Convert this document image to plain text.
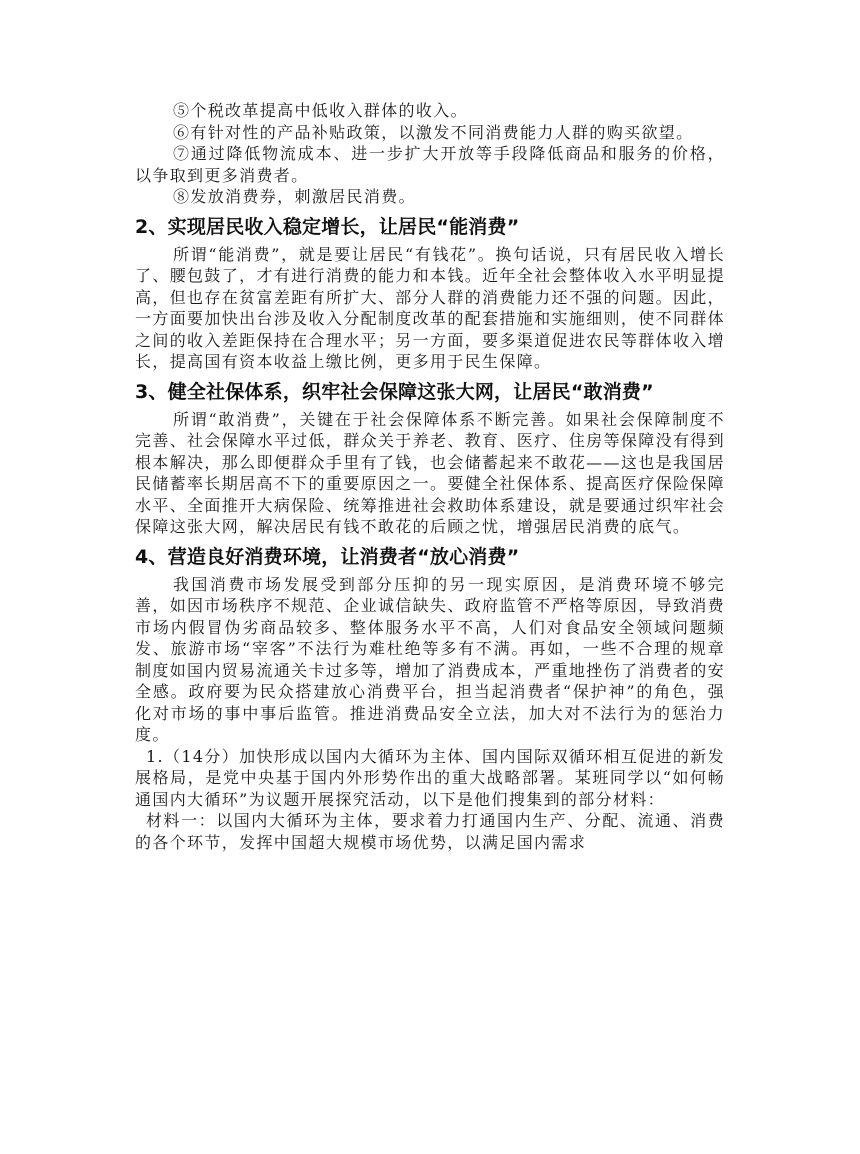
⑤个税改革提高中低收入群体的收入。

⑥有针对性的产品补贴政策，以激发不同消费能力人群的购买欲望。

⑦通过降低物流成本、进一步扩大开放等手段降低商品和服务的价格，以争取到更多消费者。

⑧发放消费券，刺激居民消费。

2、实现居民收入稳定增长，让居民“能消费”

所谓“能消费”，就是要让居民“有钱花”。换句话说，只有居民收入增长了、腰包鼓了，才有进行消费的能力和本钱。近年全社会整体收入水平明显提高，但也存在贫富差距有所扩大、部分人群的消费能力还不强的问题。因此，一方面要加快出台涉及收入分配制度改革的配套措施和实施细则，使不同群体之间的收入差距保持在合理水平；另一方面，要多渠道促进农民等群体收入增长，提高国有资本收益上缴比例，更多用于民生保障。

3、健全社保体系，织牢社会保障这张大网，让居民“敢消费”

所谓“敢消费”，关键在于社会保障体系不断完善。如果社会保障制度不完善、社会保障水平过低，群众关于养老、教育、医疗、住房等保障没有得到根本解决，那么即便群众手里有了钱，也会储蓄起来不敢花——这也是我国居民储蓄率长期居高不下的重要原因之一。要健全社保体系、提高医疗保险保障水平、全面推开大病保险、统筹推进社会救助体系建设，就是要通过织牢社会保障这张大网，解决居民有钱不敢花的后顾之忧，增强居民消费的底气。

4、营造良好消费环境，让消费者“放心消费”

我国消费市场发展受到部分压抑的另一现实原因，是消费环境不够完善，如因市场秩序不规范、企业诚信缺失、政府监管不严格等原因，导致消费市场内假冒伪劣商品较多、整体服务水平不高，人们对食品安全领域问题频发、旅游市场“宰客”不法行为难杜绝等多有不满。再如，一些不合理的规章制度如国内贸易流通关卡过多等，增加了消费成本，严重地挫伤了消费者的安全感。政府要为民众搭建放心消费平台，担当起消费者“保护神”的角色，强化对市场的事中事后监管。推进消费品安全立法，加大对不法行为的惩治力度。

1.（14分）加快形成以国内大循环为主体、国内国际双循环相互促进的新发展格局，是党中央基于国内外形势作出的重大战略部署。某班同学以“如何畅通国内大循环”为议题开展探究活动，以下是他们搜集到的部分材料：

材料一：以国内大循环为主体，要求着力打通国内生产、分配、流通、消费的各个环节，发挥中国超大规模市场优势，以满足国内需求
